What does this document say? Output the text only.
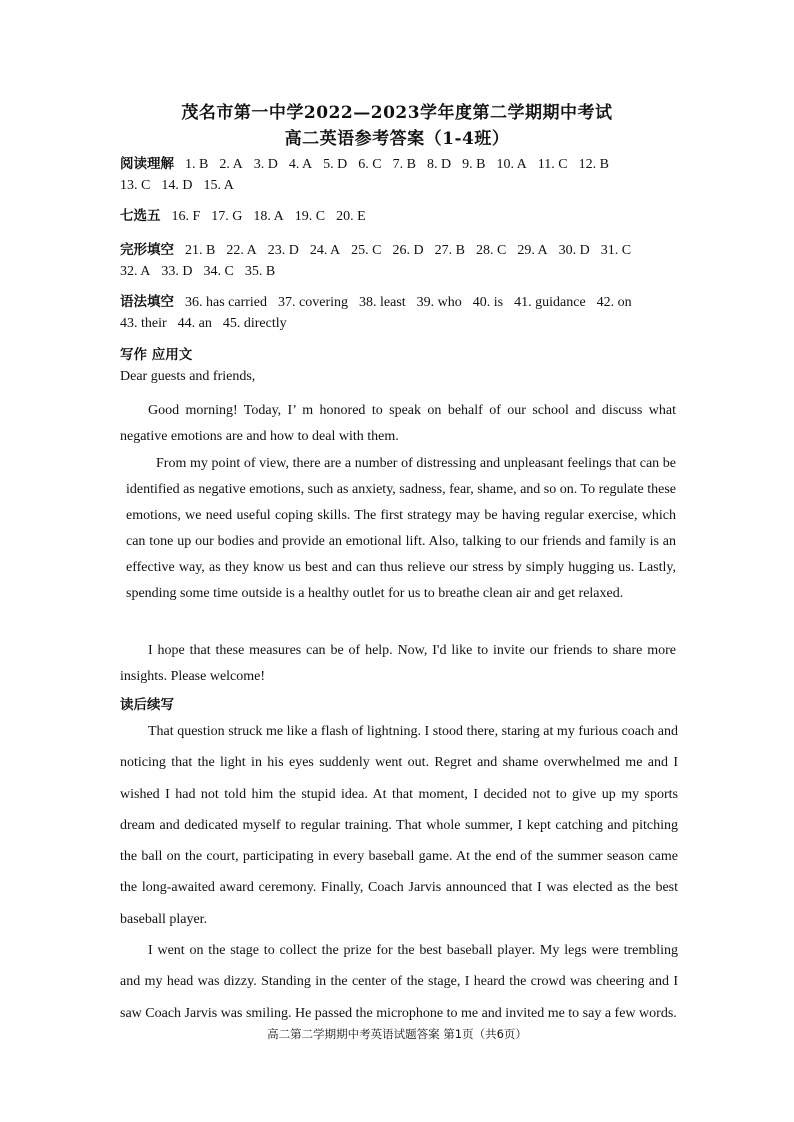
茂名市第一中学2022—2023学年度第二学期期中考试
高二英语参考答案（1-4班）
阅读理解 1. B 2. A 3. D 4. A 5. D 6. C 7. B 8. D 9. B 10. A 11. C 12. B
13. C 14. D 15. A
七选五 16. F 17. G 18. A 19. C 20. E
完形填空 21. B 22. A 23. D 24. A 25. C 26. D 27. B 28. C 29. A 30. D 31. C
32. A 33. D 34. C 35. B
语法填空 36. has carried 37. covering 38. least 39. who 40. is 41. guidance 42. on
43. their 44. an 45. directly
写作 应用文
Dear guests and friends,

Good morning! Today, I’ m honored to speak on behalf of our school and discuss what negative emotions are and how to deal with them.

From my point of view, there are a number of distressing and unpleasant feelings that can be identified as negative emotions, such as anxiety, sadness, fear, shame, and so on. To regulate these emotions, we need useful coping skills. The first strategy may be having regular exercise, which can tone up our bodies and provide an emotional lift. Also, talking to our friends and family is an effective way, as they know us best and can thus relieve our stress by simply hugging us. Lastly, spending some time outside is a healthy outlet for us to breathe clean air and get relaxed.

I hope that these measures can be of help. Now, I'd like to invite our friends to share more insights. Please welcome!

读后续写

That question struck me like a flash of lightning. I stood there, staring at my furious coach and noticing that the light in his eyes suddenly went out. Regret and shame overwhelmed me and I wished I had not told him the stupid idea. At that moment, I decided not to give up my sports dream and dedicated myself to regular training. That whole summer, I kept catching and pitching the ball on the court, participating in every baseball game. At the end of the summer season came the long-awaited award ceremony. Finally, Coach Jarvis announced that I was elected as the best baseball player.

I went on the stage to collect the prize for the best baseball player. My legs were trembling and my head was dizzy. Standing in the center of the stage, I heard the crowd was cheering and I saw Coach Jarvis was smiling. He passed the microphone to me and invited me to say a few words.

高二第二学期期中考英语试题答案 第1页（共6页）
